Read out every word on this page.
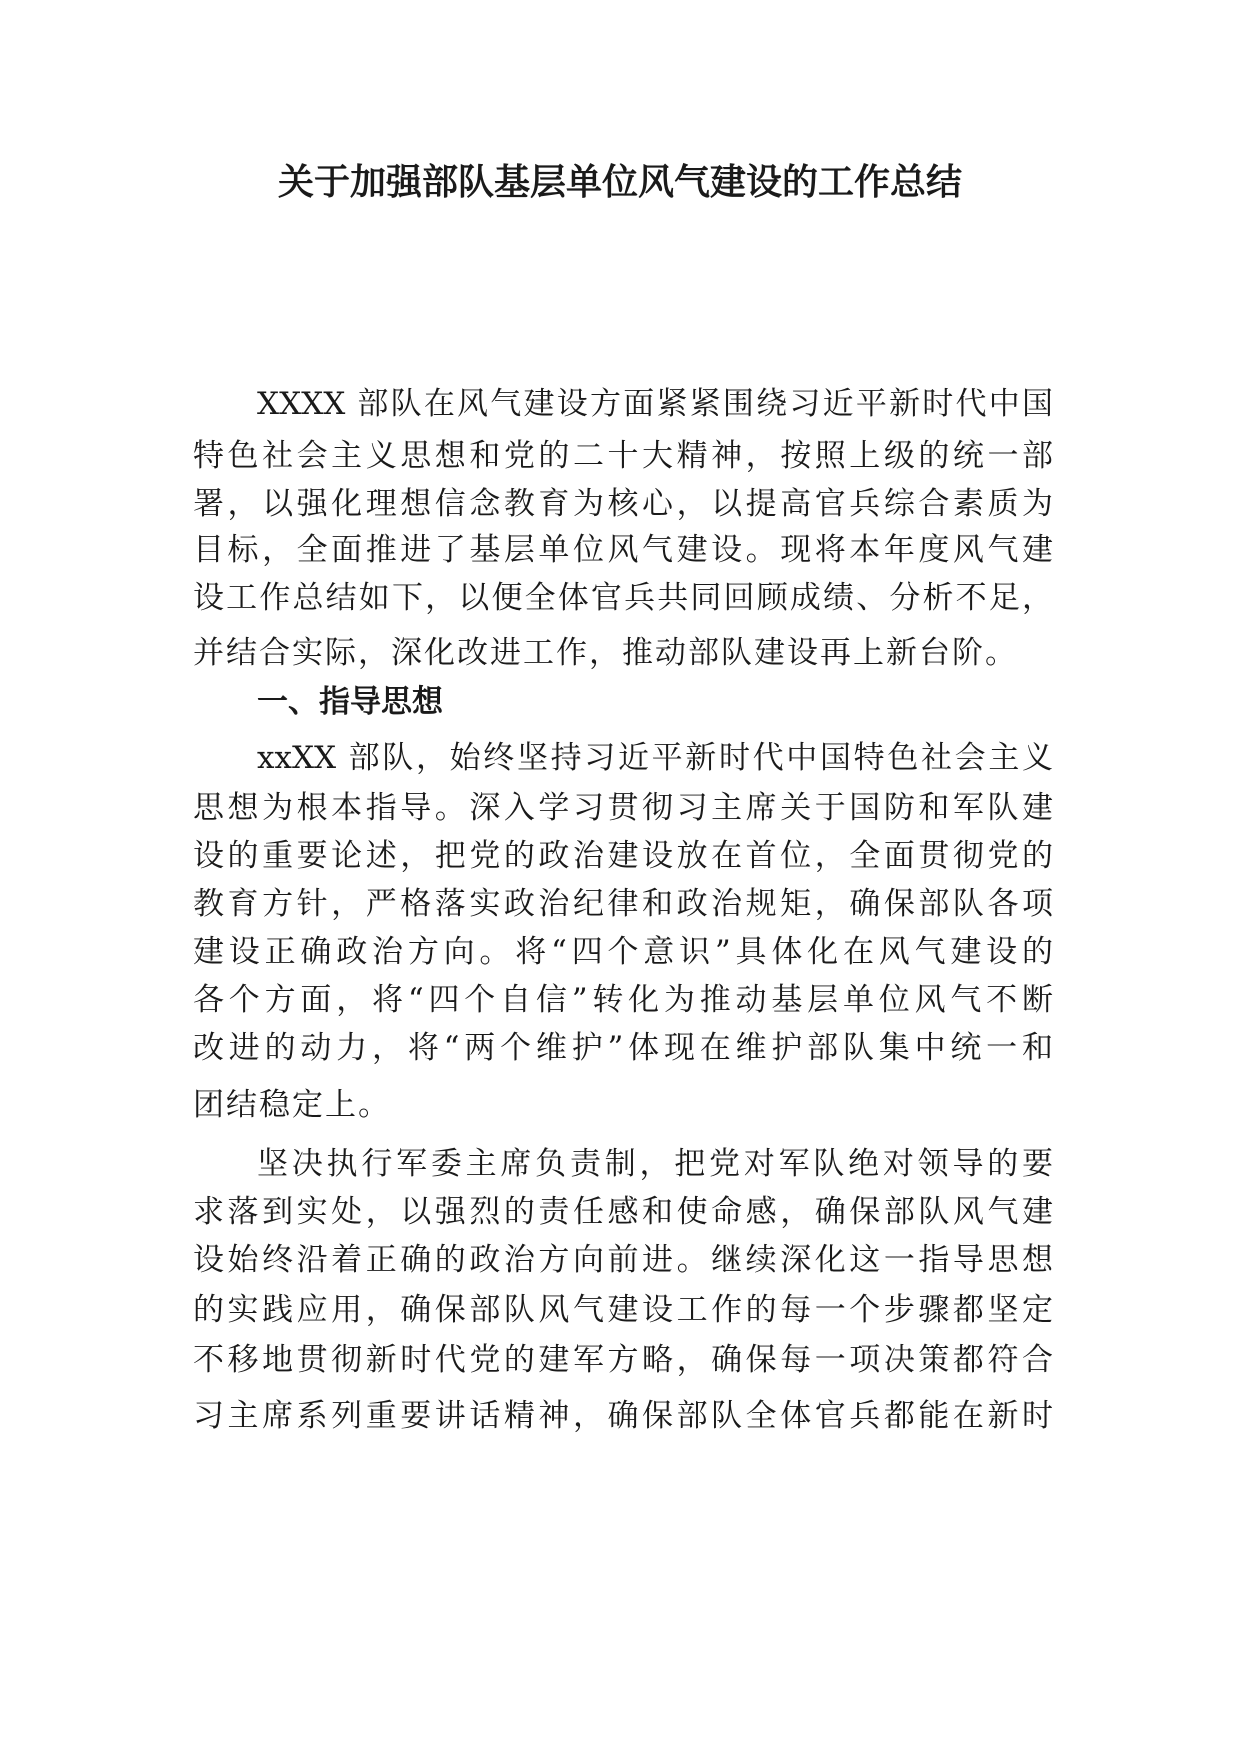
关于加强部队基层单位风气建设的工作总结
XXXX 部队在风气建设方面紧紧围绕习近平新时代中国
特色社会主义思想和党的二十大精神，按照上级的统一部
署，以强化理想信念教育为核心，以提高官兵综合素质为
目标，全面推进了基层单位风气建设。现将本年度风气建
设工作总结如下，以便全体官兵共同回顾成绩、分析不足，
并结合实际，深化改进工作，推动部队建设再上新台阶。
一、指导思想
xxXX 部队，始终坚持习近平新时代中国特色社会主义
思想为根本指导。深入学习贯彻习主席关于国防和军队建
设的重要论述，把党的政治建设放在首位，全面贯彻党的
教育方针，严格落实政治纪律和政治规矩，确保部队各项
建设正确政治方向。将“四个意识”具体化在风气建设的
各个方面，将“四个自信”转化为推动基层单位风气不断
改进的动力，将“两个维护”体现在维护部队集中统一和
团结稳定上。
坚决执行军委主席负责制，把党对军队绝对领导的要
求落到实处，以强烈的责任感和使命感，确保部队风气建
设始终沿着正确的政治方向前进。继续深化这一指导思想
的实践应用，确保部队风气建设工作的每一个步骤都坚定
不移地贯彻新时代党的建军方略，确保每一项决策都符合
习主席系列重要讲话精神，确保部队全体官兵都能在新时
